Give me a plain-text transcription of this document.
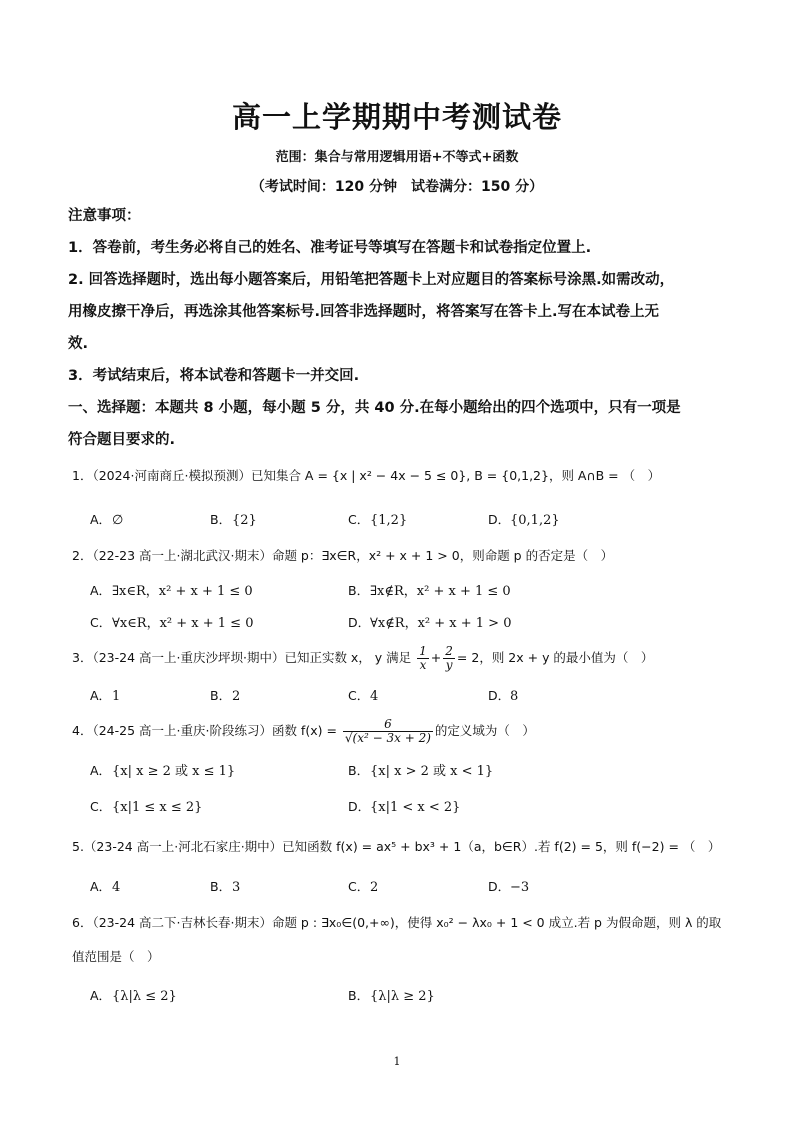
高一上学期期中考测试卷
范围：集合与常用逻辑用语+不等式+函数
（考试时间：120 分钟　试卷满分：150 分）
注意事项：
1．答卷前，考生务必将自己的姓名、准考证号等填写在答题卡和试卷指定位置上.
2. 回答选择题时，选出每小题答案后，用铅笔把答题卡上对应题目的答案标号涂黑.如需改动，
用橡皮擦干净后，再选涂其他答案标号.回答非选择题时，将答案写在答卡上.写在本试卷上无
效.
3．考试结束后，将本试卷和答题卡一并交回.
一、选择题：本题共 8 小题，每小题 5 分，共 40 分.在每小题给出的四个选项中，只有一项是
符合题目要求的.
1．（2024·河南商丘·模拟预测）已知集合 A = {x | x² − 4x − 5 ≤ 0}, B = {0,1,2}，则 A∩B = （　）
A．∅	B．{2}	C．{1,2}	D．{0,1,2}
2．（22-23 高一上·湖北武汉·期末）命题 p：∃x∈R，x² + x + 1 > 0，则命题 p 的否定是（　）
A．∃x∈R，x² + x + 1 ≤ 0	B．∃x∉R，x² + x + 1 ≤ 0
C．∀x∈R，x² + x + 1 ≤ 0	D．∀x∉R，x² + x + 1 > 0
3．（23-24 高一上·重庆沙坪坝·期中）已知正实数 x， y 满足 $\frac{1}{x} + \frac{2}{y} = 2$，则 2x + y 的最小值为（　）
A．1	B．2	C．4	D．8
4．（24-25 高一上·重庆·阶段练习）函数 $f(x) = \frac{6}{\text{√(x² − 3x + 2)}}$ 的定义域为（　）
A．{x| x ≥ 2 或 x ≤ 1}	B．{x| x > 2 或 x < 1}
C．{x|1 ≤ x ≤ 2}	D．{x|1 < x < 2}
5.（23-24 高一上·河北石家庄·期中）已知函数 f(x) = ax⁵ + bx³ + 1（a，b∈R）.若 f(2) = 5，则 f(−2) = （　）
A．4	B．3	C．2	D．−3
6．（23-24 高二下·吉林长春·期末）命题 p : ∃x₀∈(0,+∞)，使得 x₀² − λx₀ + 1 < 0 成立.若 p 为假命题，则 λ 的取
值范围是（　）
A．{λ|λ ≤ 2}	B．{λ|λ ≥ 2}
1
